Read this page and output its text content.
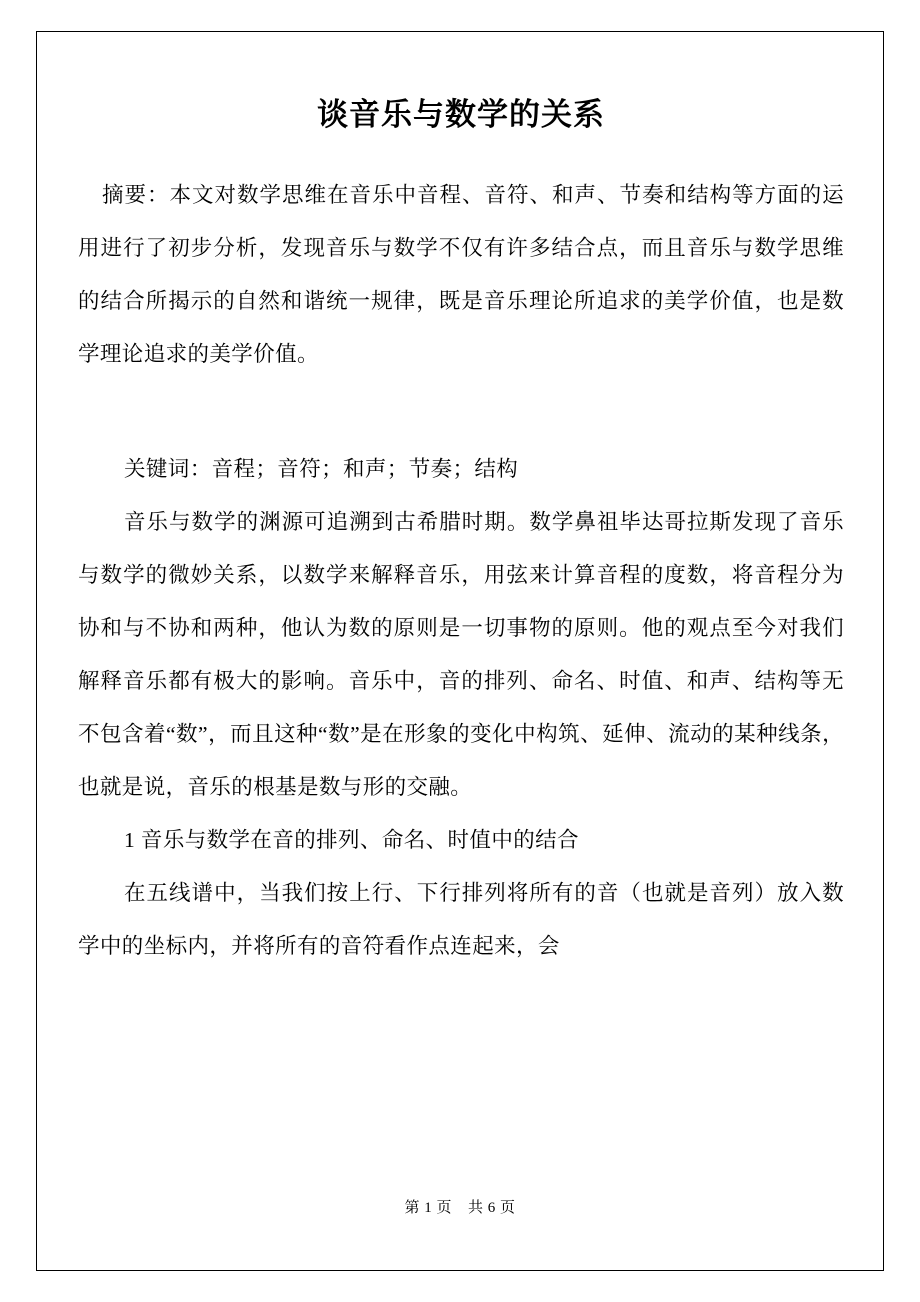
谈音乐与数学的关系

摘要：本文对数学思维在音乐中音程、音符、和声、节奏和结构等方面的运用进行了初步分析，发现音乐与数学不仅有许多结合点，而且音乐与数学思维的结合所揭示的自然和谐统一规律，既是音乐理论所追求的美学价值，也是数学理论追求的美学价值。

关键词：音程；音符；和声；节奏；结构

音乐与数学的渊源可追溯到古希腊时期。数学鼻祖毕达哥拉斯发现了音乐与数学的微妙关系，以数学来解释音乐，用弦来计算音程的度数，将音程分为协和与不协和两种，他认为数的原则是一切事物的原则。他的观点至今对我们解释音乐都有极大的影响。音乐中，音的排列、命名、时值、和声、结构等无不包含着“数”，而且这种“数”是在形象的变化中构筑、延伸、流动的某种线条，也就是说，音乐的根基是数与形的交融。

1 音乐与数学在音的排列、命名、时值中的结合

在五线谱中，当我们按上行、下行排列将所有的音（也就是音列）放入数学中的坐标内，并将所有的音符看作点连起来，会

第 1 页 共 6 页
